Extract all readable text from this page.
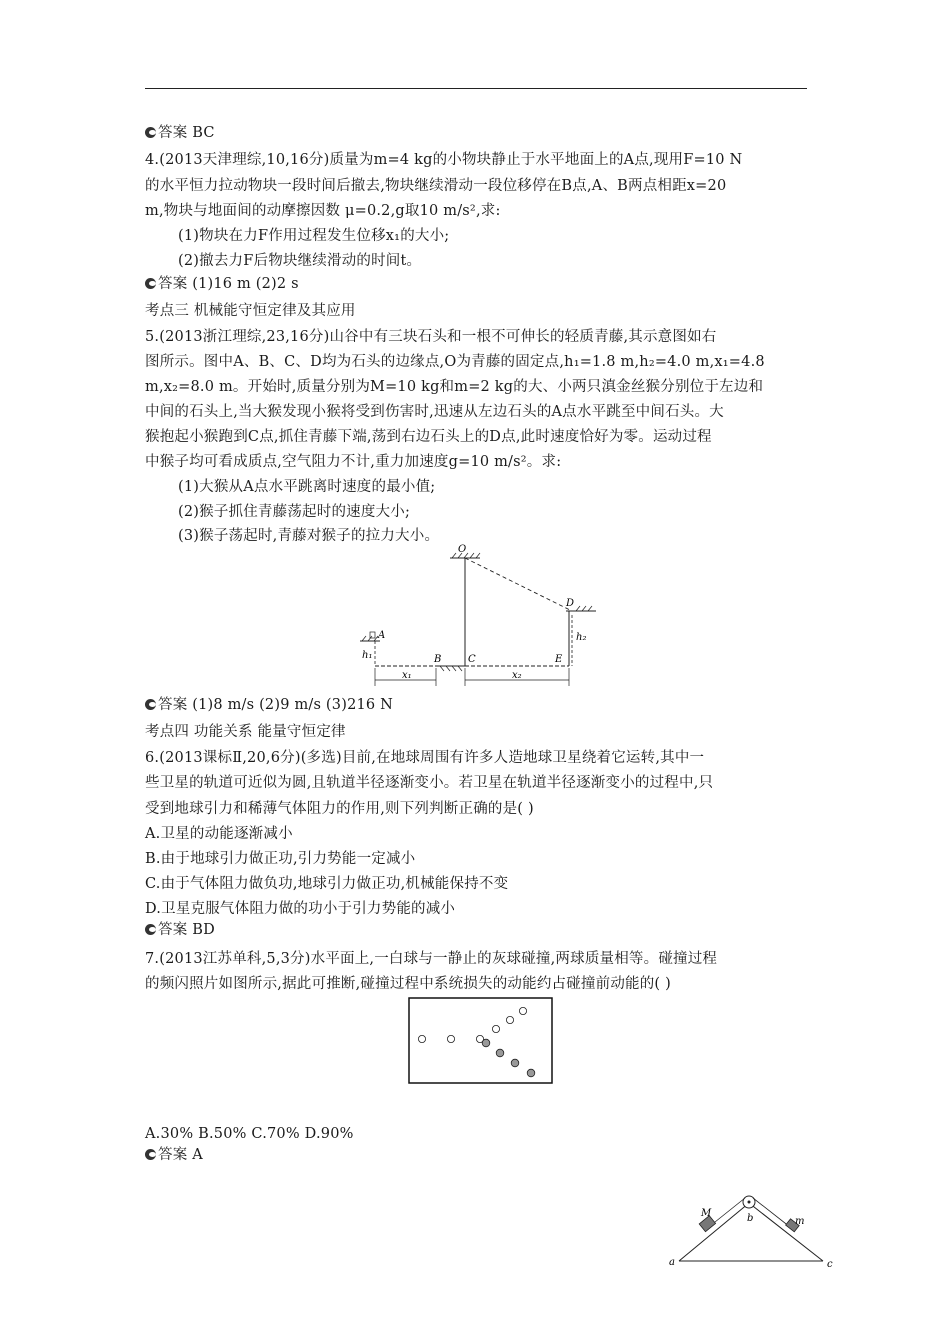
答案 BC
4.(2013天津理综,10,16分)质量为m=4 kg的小物块静止于水平地面上的A点,现用F=10 N
的水平恒力拉动物块一段时间后撤去,物块继续滑动一段位移停在B点,A、B两点相距x=20
m,物块与地面间的动摩擦因数 μ=0.2,g取10 m/s²,求:
(1)物块在力F作用过程发生位移x₁的大小;
(2)撤去力F后物块继续滑动的时间t。
答案 (1)16 m (2)2 s
考点三 机械能守恒定律及其应用
5.(2013浙江理综,23,16分)山谷中有三块石头和一根不可伸长的轻质青藤,其示意图如右
图所示。图中A、B、C、D均为石头的边缘点,O为青藤的固定点,h₁=1.8 m,h₂=4.0 m,x₁=4.8
m,x₂=8.0 m。开始时,质量分别为M=10 kg和m=2 kg的大、小两只滇金丝猴分别位于左边和
中间的石头上,当大猴发现小猴将受到伤害时,迅速从左边石头的A点水平跳至中间石头。大
猴抱起小猴跑到C点,抓住青藤下端,荡到右边石头上的D点,此时速度恰好为零。运动过程
中猴子均可看成质点,空气阻力不计,重力加速度g=10 m/s²。求:
(1)大猴从A点水平跳离时速度的最小值;
(2)猴子抓住青藤荡起时的速度大小;
(3)猴子荡起时,青藤对猴子的拉力大小。
O
D
h₂
E
C
B
A
h₁
x₁	x₂
答案 (1)8 m/s (2)9 m/s (3)216 N
考点四 功能关系 能量守恒定律
6.(2013课标Ⅱ,20,6分)(多选)目前,在地球周围有许多人造地球卫星绕着它运转,其中一
些卫星的轨道可近似为圆,且轨道半径逐渐变小。若卫星在轨道半径逐渐变小的过程中,只
受到地球引力和稀薄气体阻力的作用,则下列判断正确的是( )
A.卫星的动能逐渐减小
B.由于地球引力做正功,引力势能一定减小
C.由于气体阻力做负功,地球引力做正功,机械能保持不变
D.卫星克服气体阻力做的功小于引力势能的减小
答案 BD
7.(2013江苏单科,5,3分)水平面上,一白球与一静止的灰球碰撞,两球质量相等。碰撞过程
的频闪照片如图所示,据此可推断,碰撞过程中系统损失的动能约占碰撞前动能的( )
A.30% B.50% C.70% D.90%
答案 A
M
m
b
a	c
